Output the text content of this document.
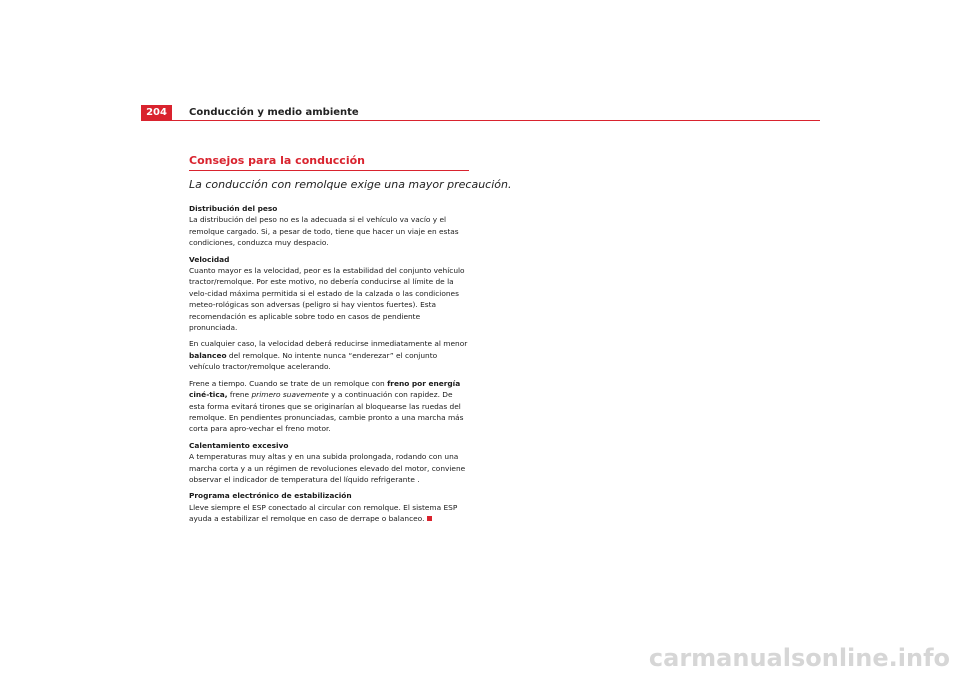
204	Conducción y medio ambiente
Consejos para la conducción
La conducción con remolque exige una mayor precaución.
Distribución del peso

La distribución del peso no es la adecuada si el vehículo va vacío y el remolque cargado. Si, a pesar de todo, tiene que hacer un viaje en estas condiciones, conduzca muy despacio.

Velocidad

Cuanto mayor es la velocidad, peor es la estabilidad del conjunto vehículo tractor/remolque. Por este motivo, no debería conducirse al límite de la velo-cidad máxima permitida si el estado de la calzada o las condiciones meteo-rológicas son adversas (peligro si hay vientos fuertes). Esta recomendación es aplicable sobre todo en casos de pendiente pronunciada.

En cualquier caso, la velocidad deberá reducirse inmediatamente al menor balanceo del remolque. No intente nunca “enderezar” el conjunto vehículo tractor/remolque acelerando.

Frene a tiempo. Cuando se trate de un remolque con freno por energía ciné-tica, frene primero suavemente y a continuación con rapidez. De esta forma evitará tirones que se originarían al bloquearse las ruedas del remolque. En pendientes pronunciadas, cambie pronto a una marcha más corta para apro-vechar el freno motor.

Calentamiento excesivo

A temperaturas muy altas y en una subida prolongada, rodando con una marcha corta y a un régimen de revoluciones elevado del motor, conviene observar el indicador de temperatura del líquido refrigerante .

Programa electrónico de estabilización

Lleve siempre el ESP conectado al circular con remolque. El sistema ESP ayuda a estabilizar el remolque en caso de derrape o balanceo.

carmanualsonline.info
